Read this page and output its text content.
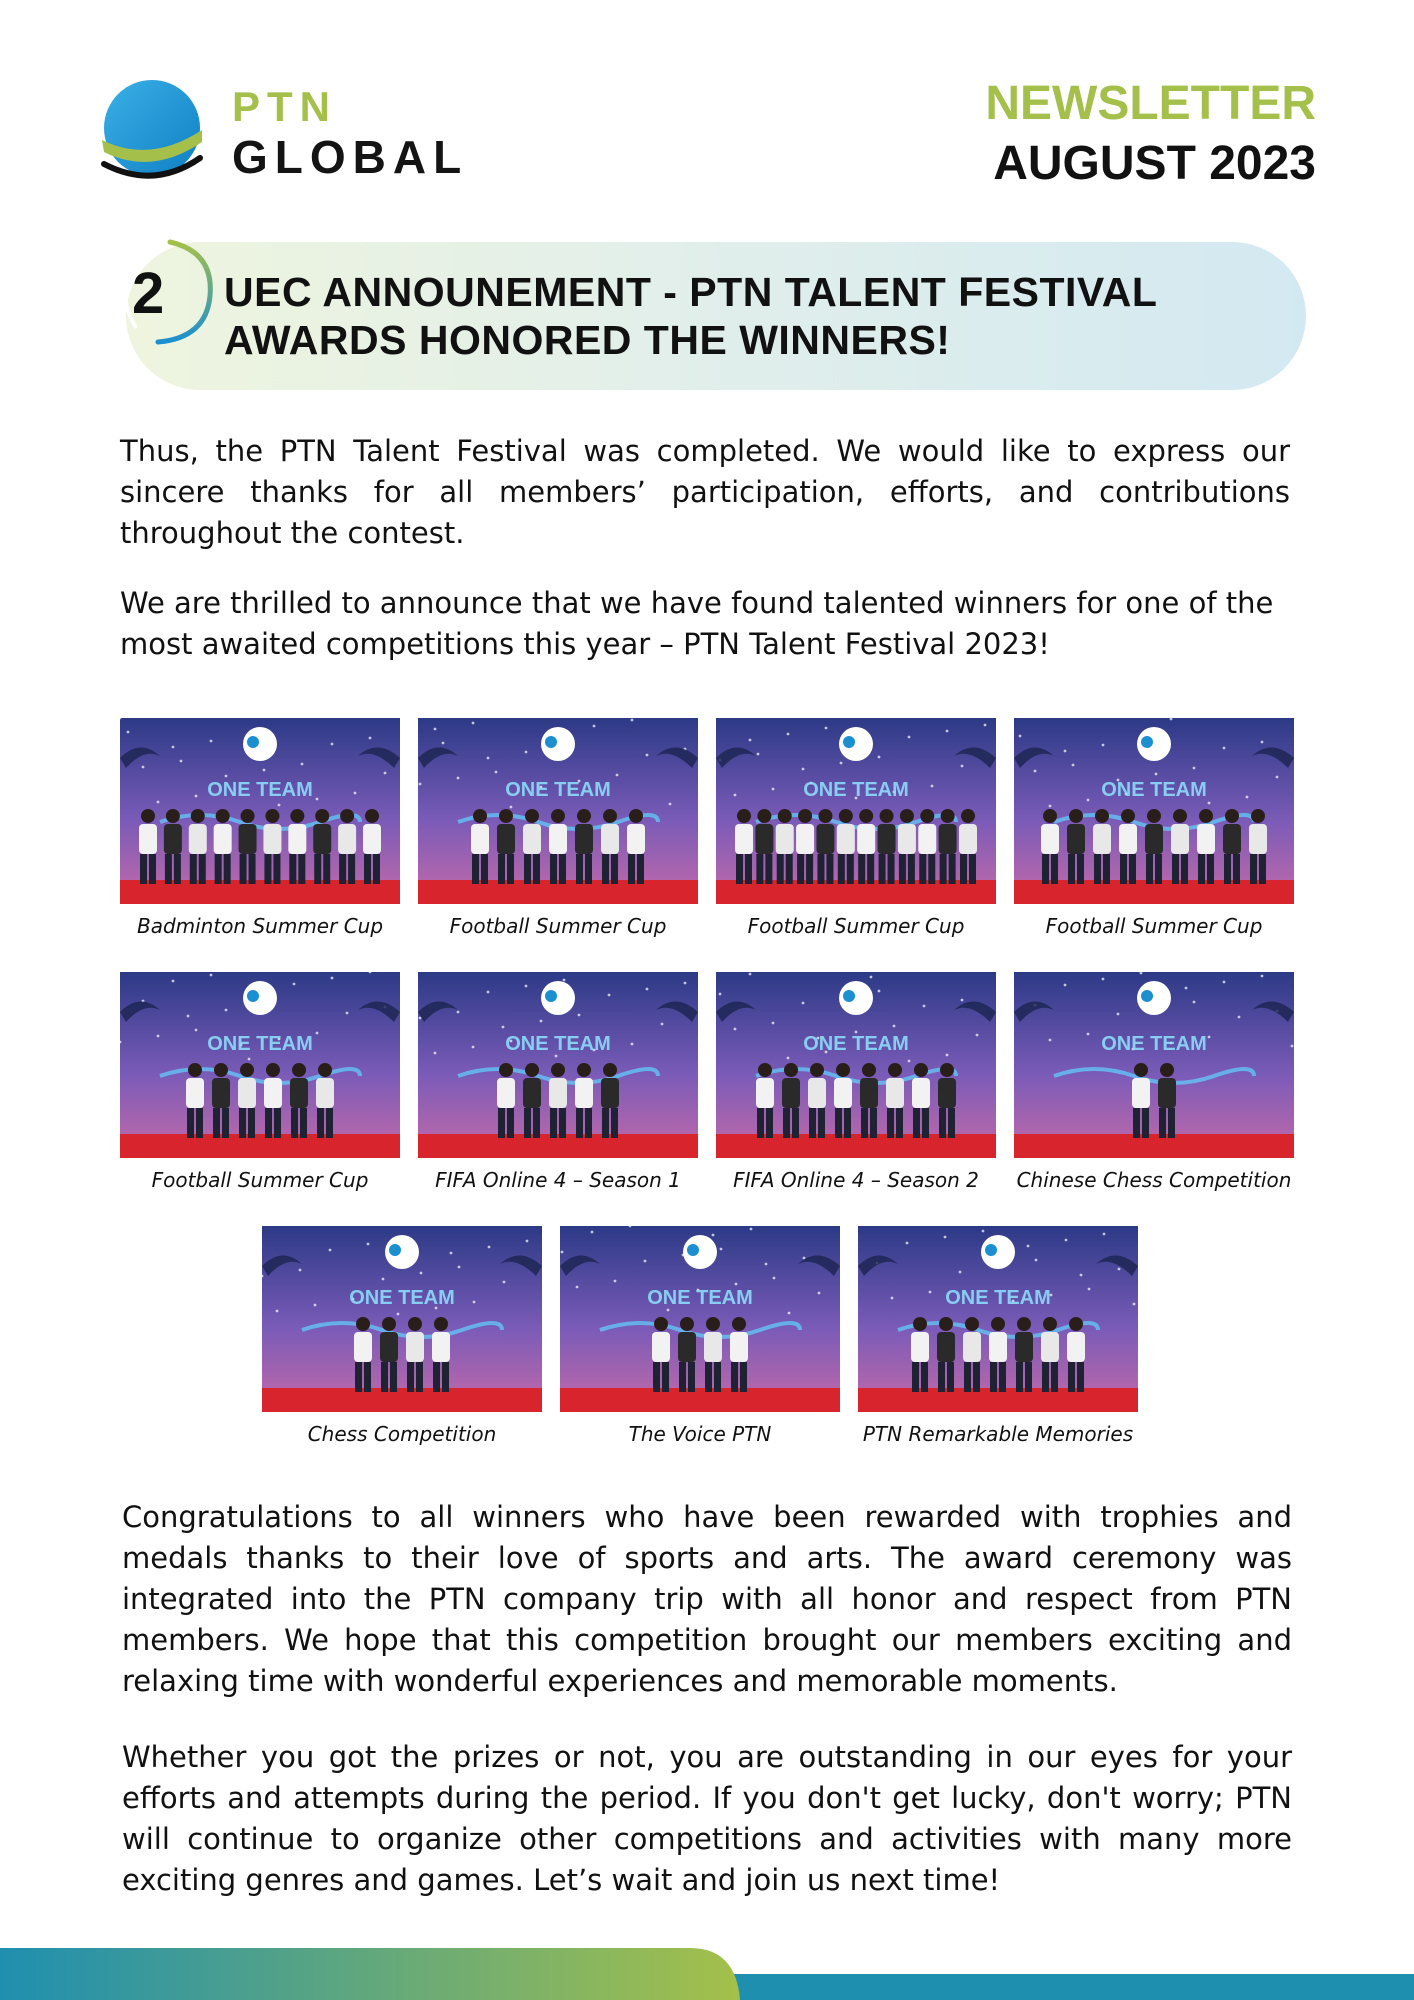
PTN
GLOBAL
NEWSLETTER
AUGUST 2023
2 UEC ANNOUNEMENT - PTN TALENT FESTIVAL
AWARDS HONORED THE WINNERS!

Thus, the PTN Talent Festival was completed. We would like to express our sincere thanks for all members’ participation, efforts, and contributions throughout the contest.

We are thrilled to announce that we have found talented winners for one of the most awaited competitions this year – PTN Talent Festival 2023!

ONE TEAM
Badminton Summer Cup
ONE TEAM
Football Summer Cup
ONE TEAM
Football Summer Cup
ONE TEAM
Football Summer Cup
ONE TEAM
Football Summer Cup
ONE TEAM
FIFA Online 4 – Season 1
ONE TEAM
FIFA Online 4 – Season 2
ONE TEAM
Chinese Chess Competition
ONE TEAM
Chess Competition
ONE TEAM
The Voice PTN
ONE TEAM
PTN Remarkable Memories

Congratulations to all winners who have been rewarded with trophies and medals thanks to their love of sports and arts. The award ceremony was integrated into the PTN company trip with all honor and respect from PTN members. We hope that this competition brought our members exciting and relaxing time with wonderful experiences and memorable moments.

Whether you got the prizes or not, you are outstanding in our eyes for your efforts and attempts during the period. If you don't get lucky, don't worry; PTN will continue to organize other competitions and activities with many more exciting genres and games. Let’s wait and join us next time!
